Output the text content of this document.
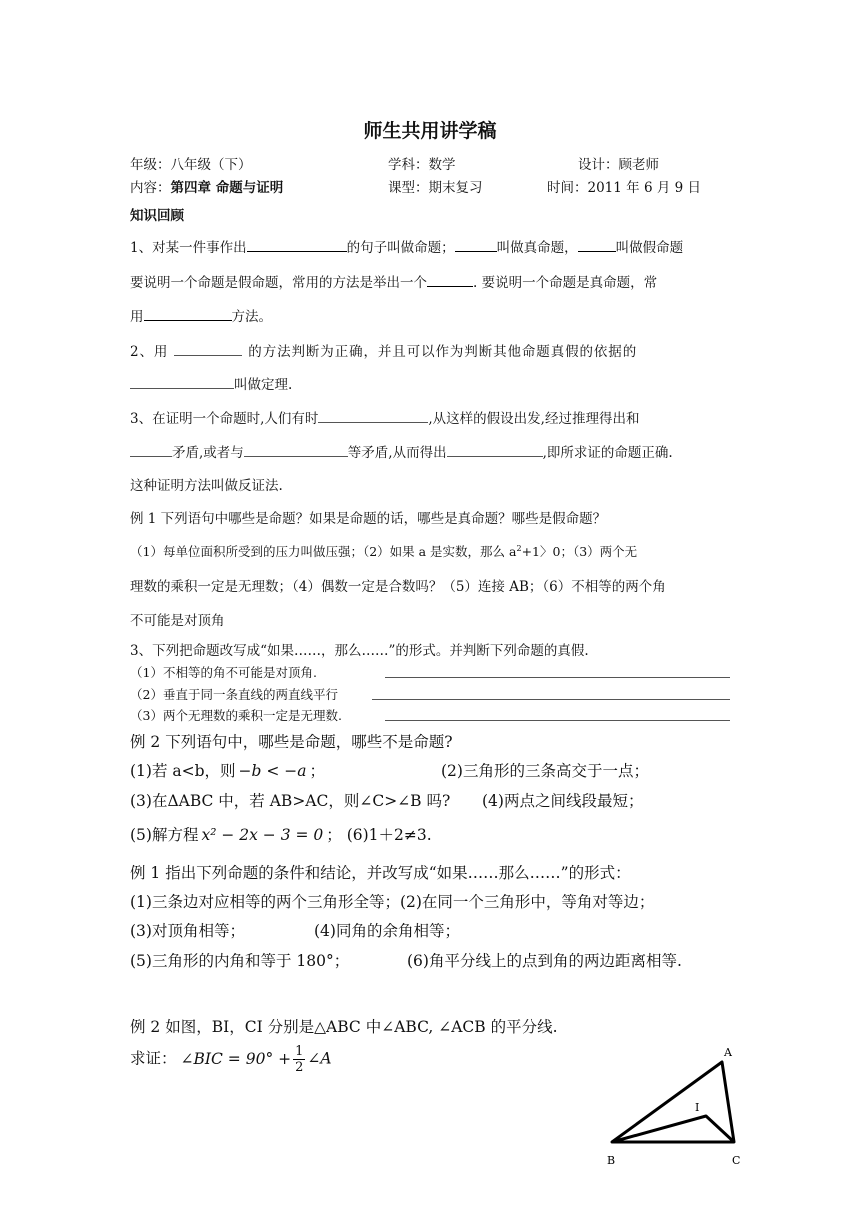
师生共用讲学稿
年级：八年级（下）	学科：数学	设计：顾老师
内容：第四章 命题与证明	课型：期末复习	时间：2011 年 6 月 9 日
知识回顾
1、对某一件事作出	的句子叫做命题；	叫做真命题，	叫做假命题
要说明一个命题是假命题，常用的方法是举出一个	. 要说明一个命题是真命题，常
用	方法。
2、用	的方法判断为正确，并且可以作为判断其他命题真假的依据的
叫做定理.
3、在证明一个命题时,人们有时	,从这样的假设出发,经过推理得出和
矛盾,或者与	等矛盾,从而得出	,即所求证的命题正确.
这种证明方法叫做反证法.
例 1 下列语句中哪些是命题？如果是命题的话，哪些是真命题？哪些是假命题？
（1）每单位面积所受到的压力叫做压强；（2）如果 a 是实数，那么 $a^2+1$〉0；（3）两个无
理数的乘积一定是无理数；（4）偶数一定是合数吗？（5）连接 AB；（6）不相等的两个角
不可能是对顶角
3、下列把命题改写成“如果……，那么……”的形式。并判断下列命题的真假.
（1）不相等的角不可能是对顶角.
（2）垂直于同一条直线的两直线平行
（3）两个无理数的乘积一定是无理数.
例 2 下列语句中，哪些是命题，哪些不是命题?
(1)若 a<b，则 −b < −a ；	(2)三角形的三条高交于一点；
(3)在ΔABC 中，若 AB>AC，则∠C>∠B 吗? (4)两点之间线段最短；
(5)解方程 x² − 2x − 3 = 0 ； (6)1＋2≠3.
例 1 指出下列命题的条件和结论，并改写成“如果……那么……”的形式：
(1)三条边对应相等的两个三角形全等；(2)在同一个三角形中，等角对等边；
(3)对顶角相等；	(4)同角的余角相等；
(5)三角形的内角和等于 180°；	(6)角平分线上的点到角的两边距离相等.
例 2 如图，BI，CI 分别是△ABC 中∠ABC, ∠ACB 的平分线.
求证： ∠BIC = $90^\circ + \frac{1}{2}$ ∠A	A
B	C
I
